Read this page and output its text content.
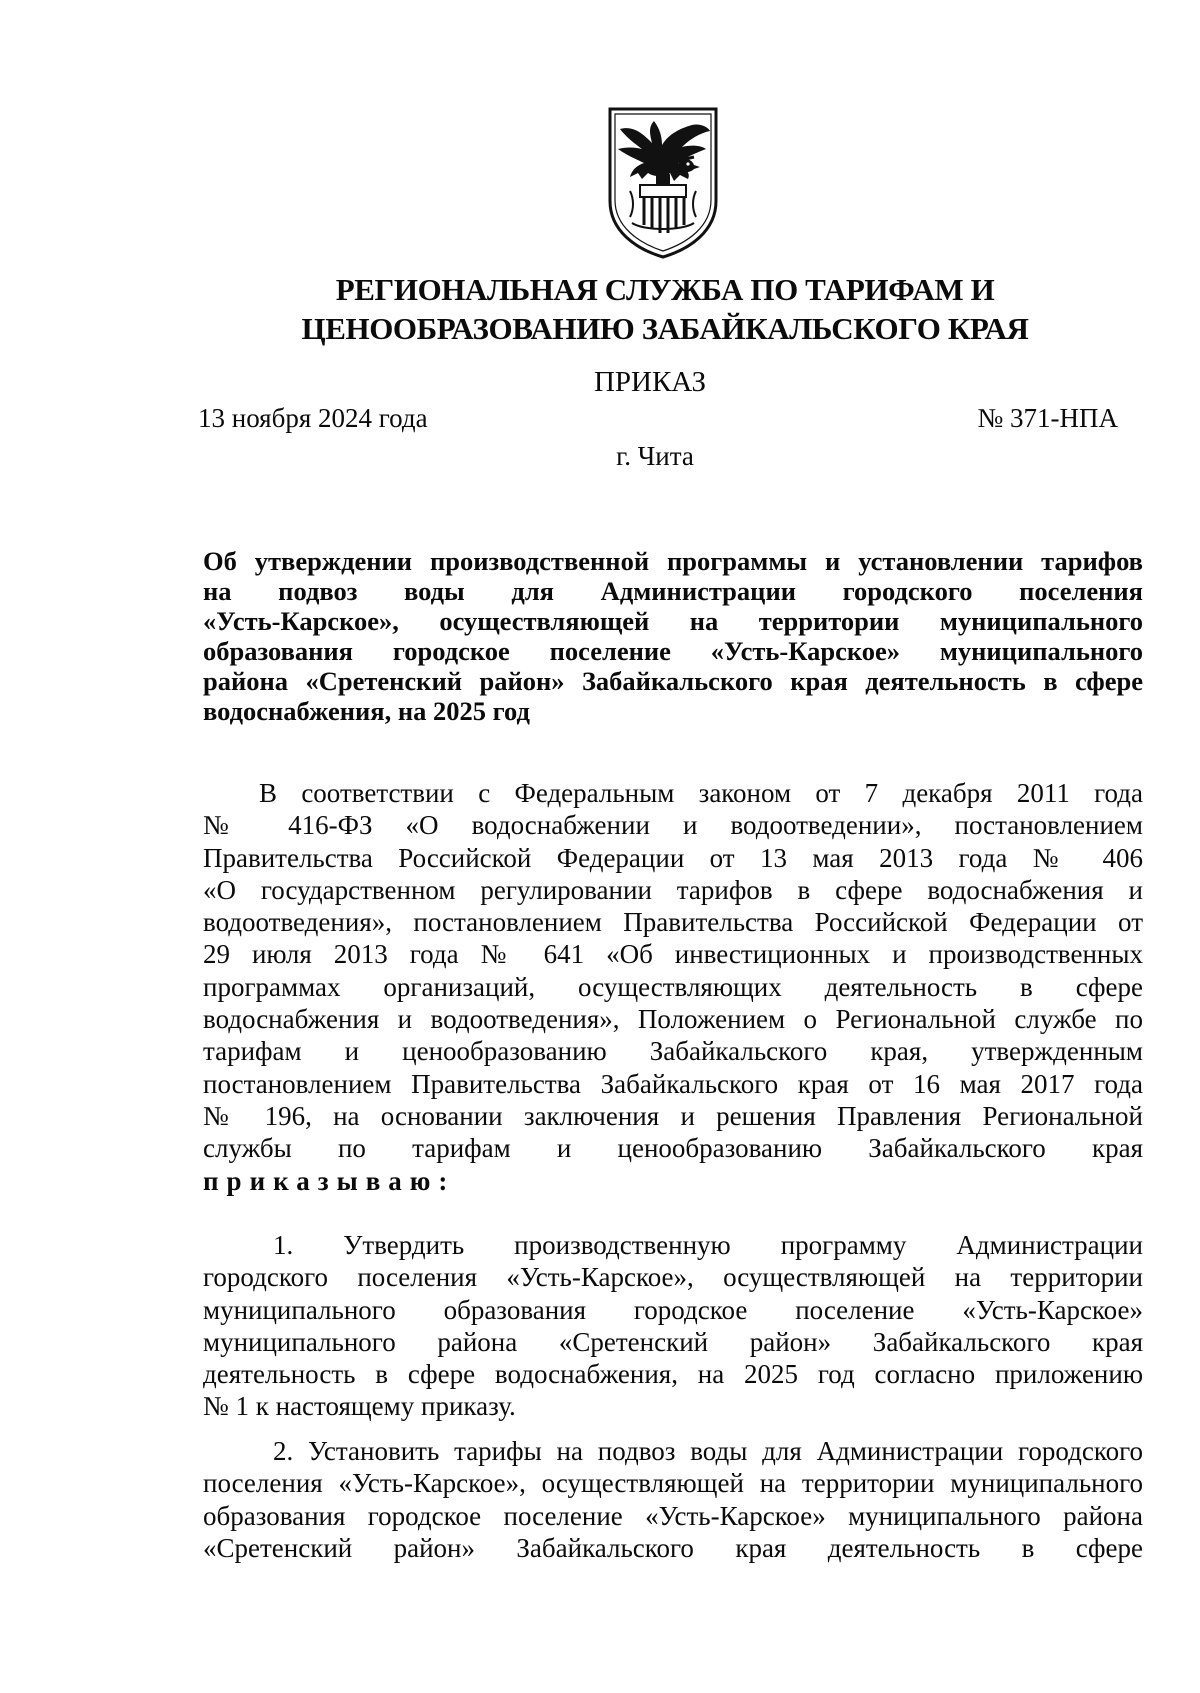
РЕГИОНАЛЬНАЯ СЛУЖБА ПО ТАРИФАМ И
ЦЕНООБРАЗОВАНИЮ ЗАБАЙКАЛЬСКОГО КРАЯ
ПРИКАЗ
13 ноября 2024 года	№ 371-НПА
г. Чита
Об утверждении производственной программы и установлении тарифов
на подвоз воды для Администрации городского поселения
«Усть-Карское», осуществляющей на территории муниципального
образования городское поселение «Усть-Карское» муниципального
района «Сретенский район» Забайкальского края деятельность в сфере
водоснабжения, на 2025 год
В соответствии с Федеральным законом от 7 декабря 2011 года
№ 416-ФЗ «О водоснабжении и водоотведении», постановлением
Правительства Российской Федерации от 13 мая 2013 года № 406
«О государственном регулировании тарифов в сфере водоснабжения и
водоотведения», постановлением Правительства Российской Федерации от
29 июля 2013 года № 641 «Об инвестиционных и производственных
программах организаций, осуществляющих деятельность в сфере
водоснабжения и водоотведения», Положением о Региональной службе по
тарифам и ценообразованию Забайкальского края, утвержденным
постановлением Правительства Забайкальского края от 16 мая 2017 года
№ 196, на основании заключения и решения Правления Региональной
службы по тарифам и ценообразованию Забайкальского края
приказываю:
1. Утвердить производственную программу Администрации
городского поселения «Усть-Карское», осуществляющей на территории
муниципального образования городское поселение «Усть-Карское»
муниципального района «Сретенский район» Забайкальского края
деятельность в сфере водоснабжения, на 2025 год согласно приложению
№ 1 к настоящему приказу.
2. Установить тарифы на подвоз воды для Администрации городского
поселения «Усть-Карское», осуществляющей на территории муниципального
образования городское поселение «Усть-Карское» муниципального района
«Сретенский район» Забайкальского края деятельность в сфере
